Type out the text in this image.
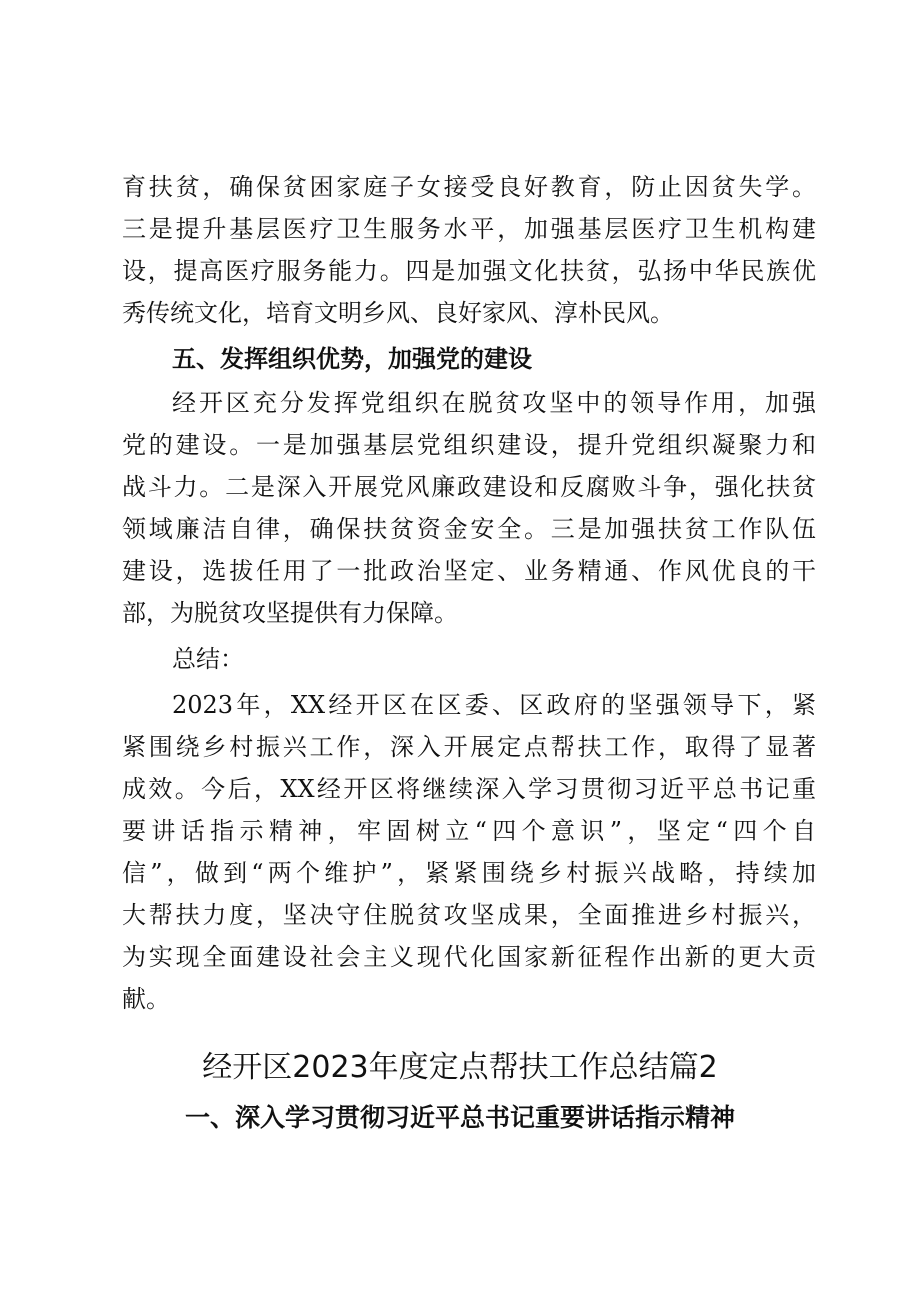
育扶贫，确保贫困家庭子女接受良好教育，防止因贫失学。
三是提升基层医疗卫生服务水平，加强基层医疗卫生机构建
设，提高医疗服务能力。四是加强文化扶贫，弘扬中华民族优
秀传统文化，培育文明乡风、良好家风、淳朴民风。
五、发挥组织优势，加强党的建设
经开区充分发挥党组织在脱贫攻坚中的领导作用，加强
党的建设。一是加强基层党组织建设，提升党组织凝聚力和
战斗力。二是深入开展党风廉政建设和反腐败斗争，强化扶贫
领域廉洁自律，确保扶贫资金安全。三是加强扶贫工作队伍
建设，选拔任用了一批政治坚定、业务精通、作风优良的干
部，为脱贫攻坚提供有力保障。
总结：
2023年，XX经开区在区委、区政府的坚强领导下，紧
紧围绕乡村振兴工作，深入开展定点帮扶工作，取得了显著
成效。今后，XX经开区将继续深入学习贯彻习近平总书记重
要讲话指示精神，牢固树立“四个意识”，坚定“四个自
信”，做到“两个维护”，紧紧围绕乡村振兴战略，持续加
大帮扶力度，坚决守住脱贫攻坚成果，全面推进乡村振兴，
为实现全面建设社会主义现代化国家新征程作出新的更大贡
献。
经开区2023年度定点帮扶工作总结篇2
一、深入学习贯彻习近平总书记重要讲话指示精神
